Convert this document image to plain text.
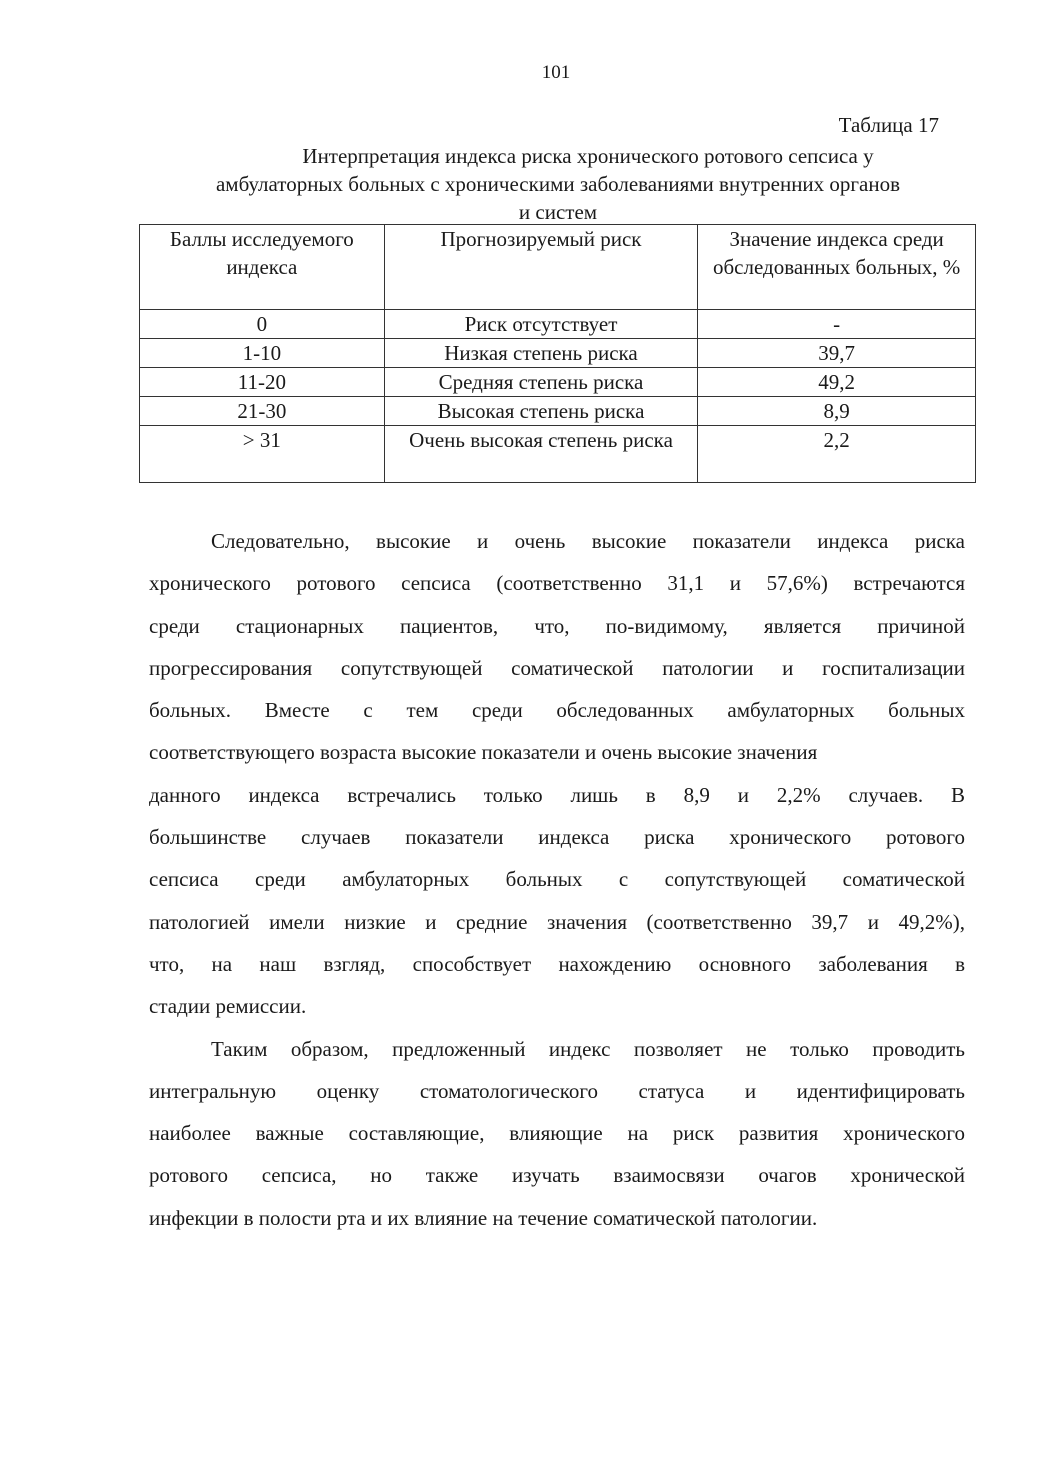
101
Таблица 17
Интерпретация индекса риска хронического ротового сепсиса у
амбулаторных больных с хроническими заболеваниями внутренних органов
и систем
Баллы исследуемого индекса	Прогнозируемый риск	Значение индекса среди обследованных больных, %
0	Риск отсутствует	-
1-10	Низкая степень риска	39,7
11-20	Средняя степень риска	49,2
21-30	Высокая степень риска	8,9
> 31	Очень высокая степень риска	2,2
Следовательно, высокие и очень высокие показатели индекса риска
хронического ротового сепсиса (соответственно 31,1 и 57,6%) встречаются
среди стационарных пациентов, что, по-видимому, является причиной
прогрессирования сопутствующей соматической патологии и госпитализации
больных. Вместе с тем среди обследованных амбулаторных больных
соответствующего возраста высокие показатели и очень высокие значения
данного индекса встречались только лишь в 8,9 и 2,2% случаев. В
большинстве случаев показатели индекса риска хронического ротового
сепсиса среди амбулаторных больных с сопутствующей соматической
патологией имели низкие и средние значения (соответственно 39,7 и 49,2%),
что, на наш взгляд, способствует нахождению основного заболевания в
стадии ремиссии.
Таким образом, предложенный индекс позволяет не только проводить
интегральную оценку стоматологического статуса и идентифицировать
наиболее важные составляющие, влияющие на риск развития хронического
ротового сепсиса, но также изучать взаимосвязи очагов хронической
инфекции в полости рта и их влияние на течение соматической патологии.
